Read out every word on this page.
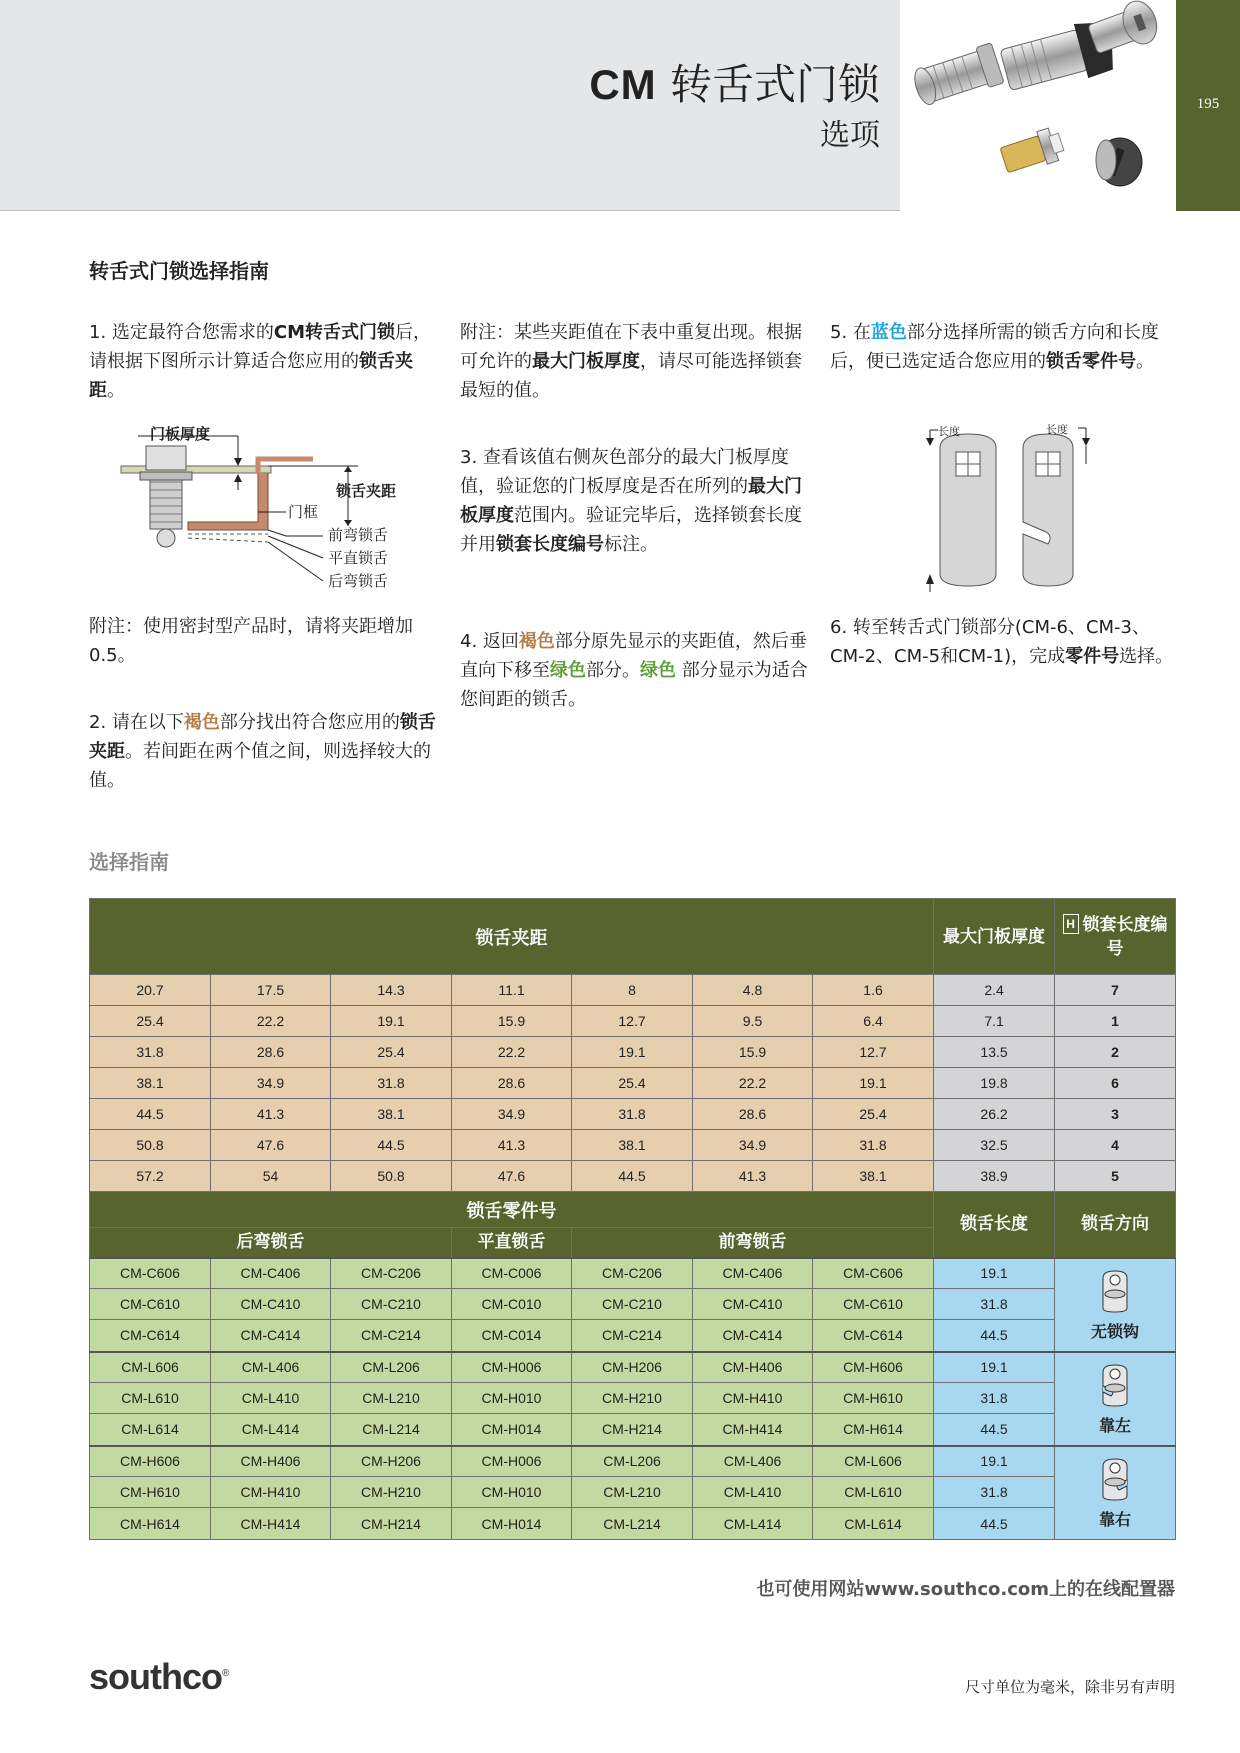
CM 转舌式门锁
选项
195
转舌式门锁选择指南

1. 选定最符合您需求的CM转舌式门锁后，请根据下图所示计算适合您应用的锁舌夹距。

门板厚度
锁舌夹距
门框
前弯锁舌
平直锁舌
后弯锁舌
附注：使用密封型产品时，请将夹距增加 0.5。

2. 请在以下褐色部分找出符合您应用的锁舌夹距。若间距在两个值之间，则选择较大的值。

附注：某些夹距值在下表中重复出现。根据可允许的最大门板厚度，请尽可能选择锁套最短的值。

3. 查看该值右侧灰色部分的最大门板厚度值，验证您的门板厚度是否在所列的最大门板厚度范围内。验证完毕后，选择锁套长度并用锁套长度编号标注。

4. 返回褐色部分原先显示的夹距值，然后垂直向下移至绿色部分。绿色 部分显示为适合您间距的锁舌。

5. 在蓝色部分选择所需的锁舌方向和长度后，便已选定适合您应用的锁舌零件号。

长度	长度

6. 转至转舌式门锁部分(CM-6、CM-3、CM-2、CM-5和CM-1)，完成零件号选择。

选择指南
锁舌夹距							最大门板厚度	H 锁套长度编号
20.7	17.5	14.3	11.1	8	4.8	1.6	2.4	7
25.4	22.2	19.1	15.9	12.7	9.5	6.4	7.1	1
31.8	28.6	25.4	22.2	19.1	15.9	12.7	13.5	2
38.1	34.9	31.8	28.6	25.4	22.2	19.1	19.8	6
44.5	41.3	38.1	34.9	31.8	28.6	25.4	26.2	3
50.8	47.6	44.5	41.3	38.1	34.9	31.8	32.5	4
57.2	54	50.8	47.6	44.5	41.3	38.1	38.9	5
锁舌零件号							锁舌长度	锁舌方向
后弯锁舌			平直锁舌	前弯锁舌				
CM-C606	CM-C406	CM-C206	CM-C006	CM-C206	CM-C406	CM-C606	19.1	无锁钩

CM-C610	CM-C410	CM-C210	CM-C010	CM-C210	CM-C410	CM-C610	31.8	
CM-C614	CM-C414	CM-C214	CM-C014	CM-C214	CM-C414	CM-C614	44.5	
CM-L606	CM-L406	CM-L206	CM-H006	CM-H206	CM-H406	CM-H606	19.1	靠左

CM-L610	CM-L410	CM-L210	CM-H010	CM-H210	CM-H410	CM-H610	31.8	
CM-L614	CM-L414	CM-L214	CM-H014	CM-H214	CM-H414	CM-H614	44.5	
CM-H606	CM-H406	CM-H206	CM-H006	CM-L206	CM-L406	CM-L606	19.1	靠右

CM-H610	CM-H410	CM-H210	CM-H010	CM-L210	CM-L410	CM-L610	31.8	
CM-H614	CM-H414	CM-H214	CM-H014	CM-L214	CM-L414	CM-L614	44.5	
也可使用网站www.southco.com上的在线配置器
southco®
尺寸单位为毫米，除非另有声明
